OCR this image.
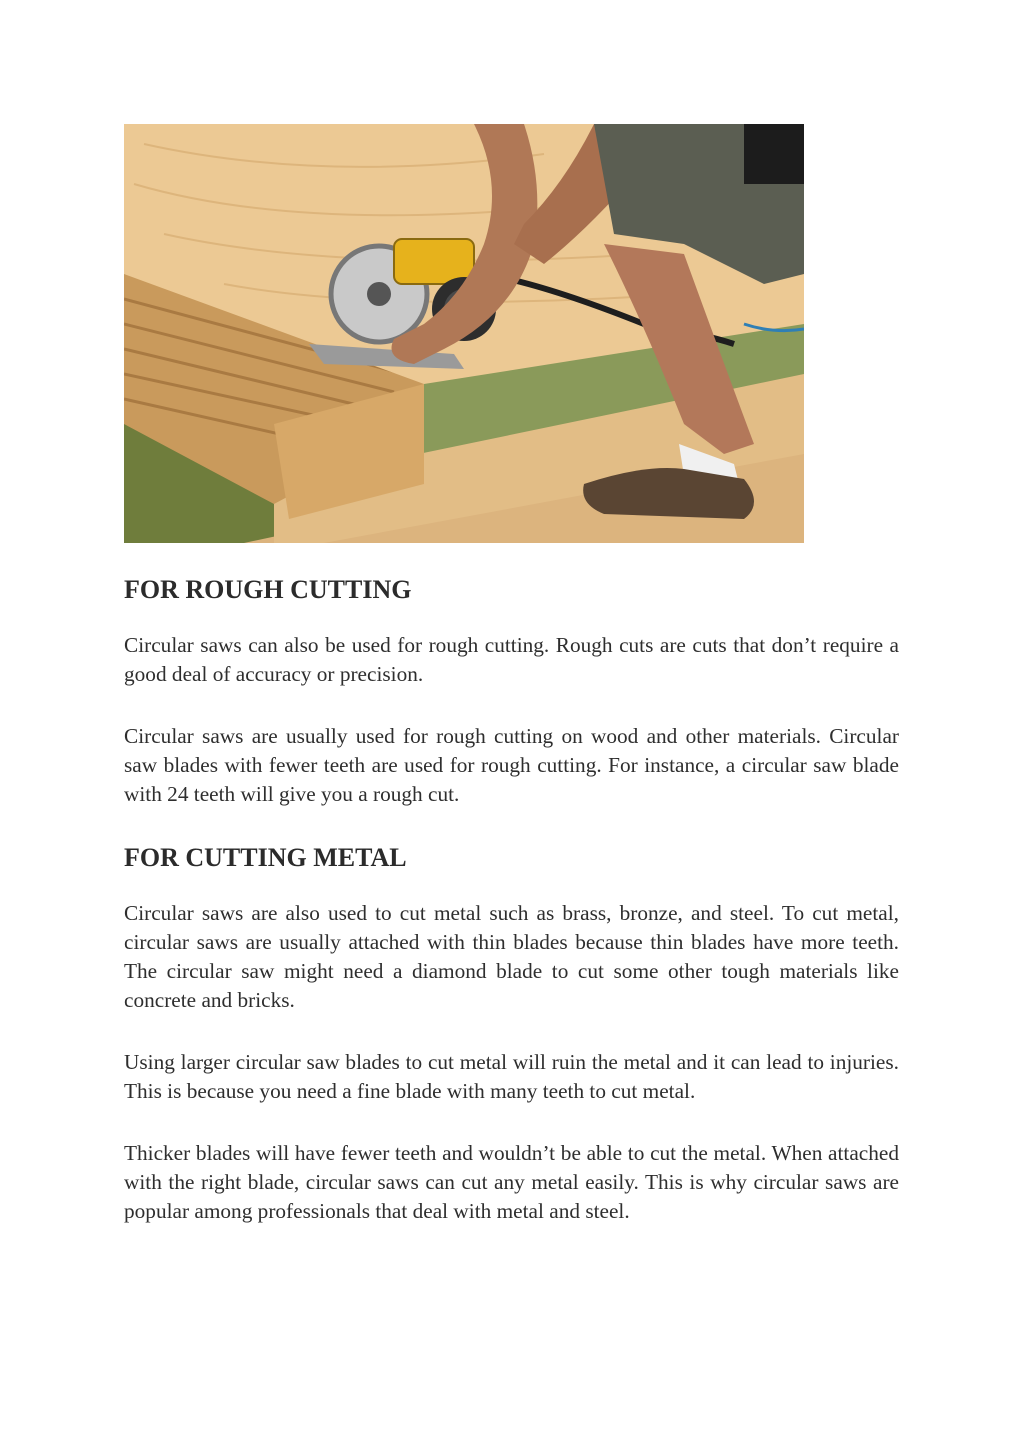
FOR ROUGH CUTTING

Circular saws can also be used for rough cutting. Rough cuts are cuts that don’t require a good deal of accuracy or precision.

Circular saws are usually used for rough cutting on wood and other materials. Circular saw blades with fewer teeth are used for rough cutting. For instance, a circular saw blade with 24 teeth will give you a rough cut.

FOR CUTTING METAL

Circular saws are also used to cut metal such as brass, bronze, and steel. To cut metal, circular saws are usually attached with thin blades because thin blades have more teeth. The circular saw might need a diamond blade to cut some other tough materials like concrete and bricks.

Using larger circular saw blades to cut metal will ruin the metal and it can lead to injuries. This is because you need a fine blade with many teeth to cut metal.

Thicker blades will have fewer teeth and wouldn’t be able to cut the metal. When attached with the right blade, circular saws can cut any metal easily. This is why circular saws are popular among professionals that deal with metal and steel.
